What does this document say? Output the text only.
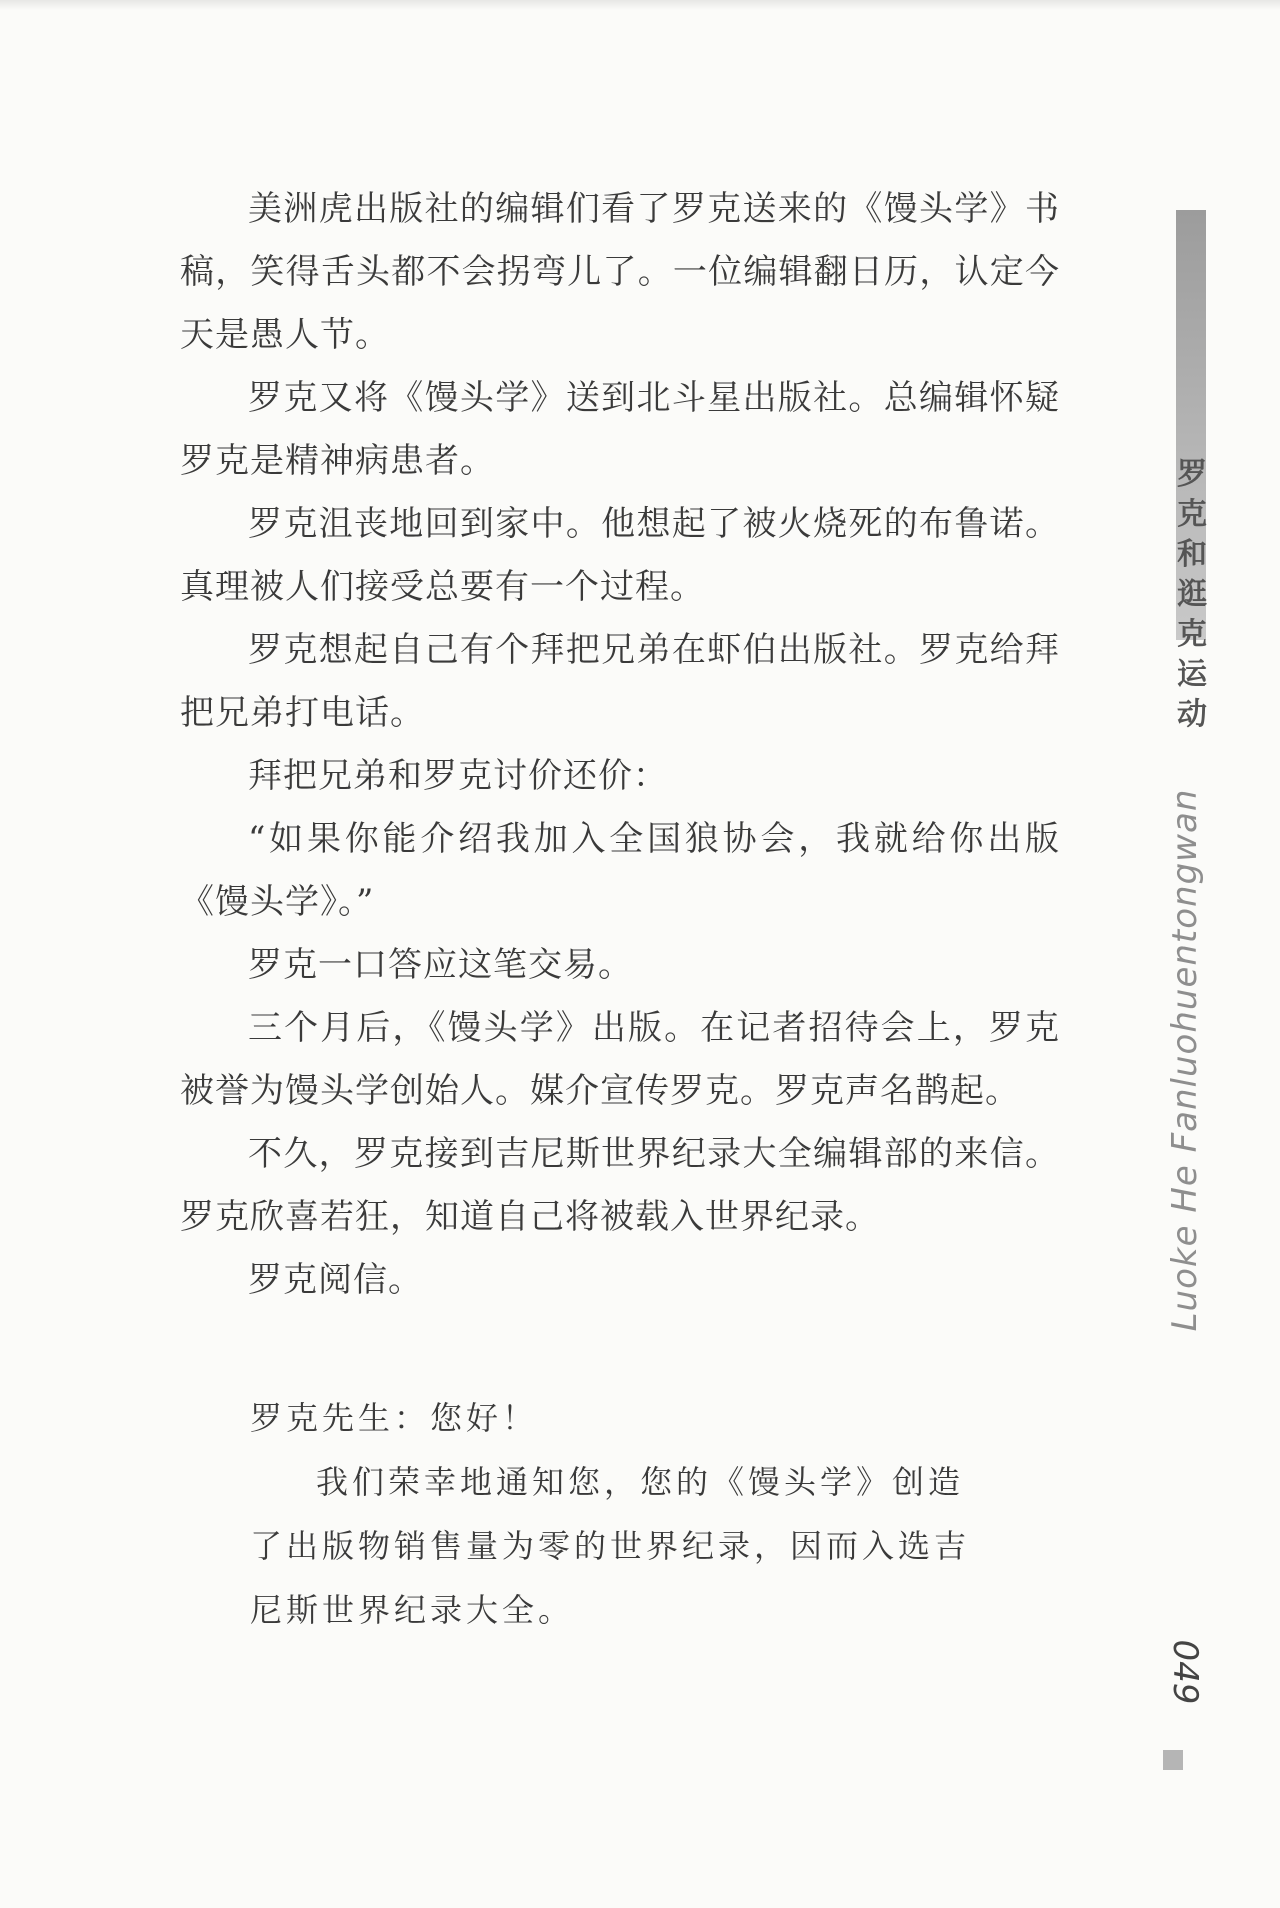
美洲虎出版社的编辑们看了罗克送来的《馒头学》书稿，笑得舌头都不会拐弯儿了。一位编辑翻日历，认定今天是愚人节。

罗克又将《馒头学》送到北斗星出版社。总编辑怀疑罗克是精神病患者。

罗克沮丧地回到家中。他想起了被火烧死的布鲁诺。真理被人们接受总要有一个过程。

罗克想起自己有个拜把兄弟在虾伯出版社。罗克给拜把兄弟打电话。

拜把兄弟和罗克讨价还价：

“如果你能介绍我加入全国狼协会，我就给你出版《馒头学》。”

罗克一口答应这笔交易。

三个月后，《馒头学》出版。在记者招待会上，罗克被誉为馒头学创始人。媒介宣传罗克。罗克声名鹊起。

不久，罗克接到吉尼斯世界纪录大全编辑部的来信。罗克欣喜若狂，知道自己将被载入世界纪录。

罗克阅信。

罗克先生：您好！

我们荣幸地通知您，您的《馒头学》创造了出版物销售量为零的世界纪录，因而入选吉尼斯世界纪录大全。

罗克和逛克运动
Luoke He Fanluohuentongwan
049
